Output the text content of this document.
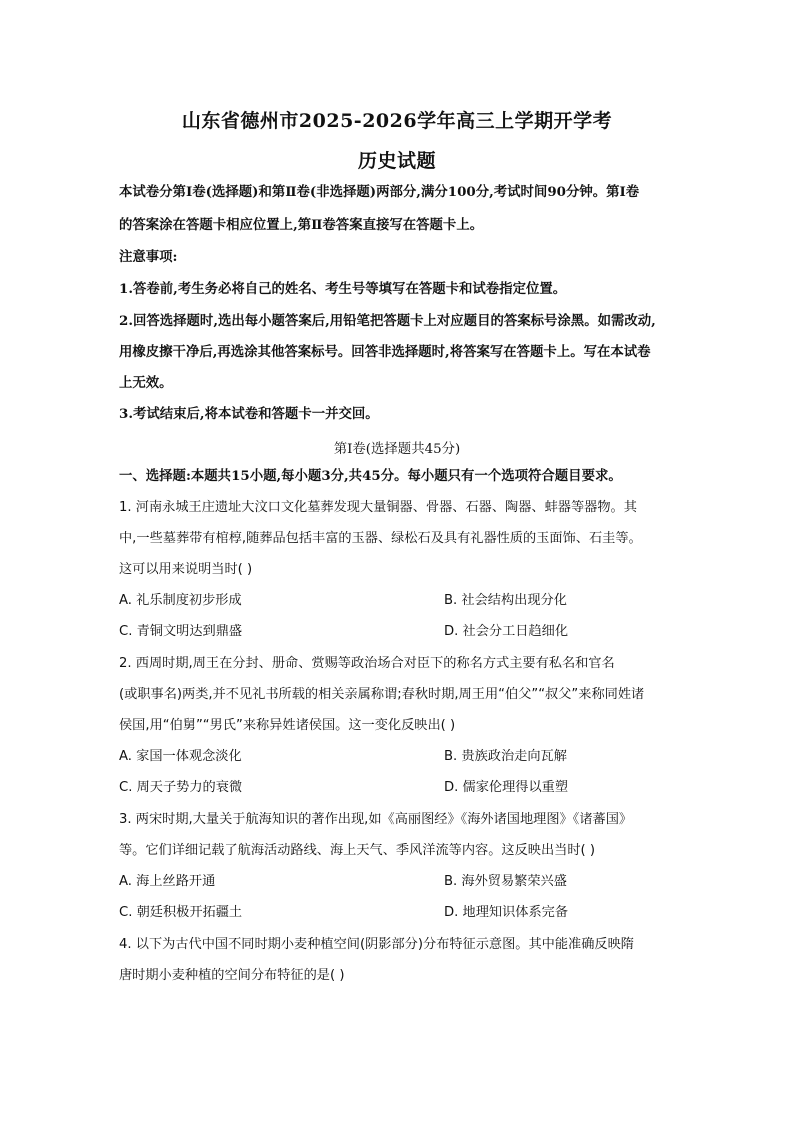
山东省德州市2025-2026学年高三上学期开学考
历史试题
本试卷分第Ⅰ卷(选择题)和第Ⅱ卷(非选择题)两部分,满分100分,考试时间90分钟。第Ⅰ卷
的答案涂在答题卡相应位置上,第Ⅱ卷答案直接写在答题卡上。
注意事项:
1.答卷前,考生务必将自己的姓名、考生号等填写在答题卡和试卷指定位置。
2.回答选择题时,选出每小题答案后,用铅笔把答题卡上对应题目的答案标号涂黑。如需改动,
用橡皮擦干净后,再选涂其他答案标号。回答非选择题时,将答案写在答题卡上。写在本试卷
上无效。
3.考试结束后,将本试卷和答题卡一并交回。
第Ⅰ卷(选择题共45分)
一、选择题:本题共15小题,每小题3分,共45分。每小题只有一个选项符合题目要求。
1. 河南永城王庄遗址大汶口文化墓葬发现大量铜器、骨器、石器、陶器、蚌器等器物。其
中,一些墓葬带有棺椁,随葬品包括丰富的玉器、绿松石及具有礼器性质的玉面饰、石圭等。
这可以用来说明当时( )
A. 礼乐制度初步形成	B. 社会结构出现分化
C. 青铜文明达到鼎盛	D. 社会分工日趋细化
2. 西周时期,周王在分封、册命、赏赐等政治场合对臣下的称名方式主要有私名和官名
(或职事名)两类,并不见礼书所载的相关亲属称谓;春秋时期,周王用“伯父”“叔父”来称同姓诸
侯国,用“伯舅”“男氏”来称异姓诸侯国。这一变化反映出( )
A. 家国一体观念淡化	B. 贵族政治走向瓦解
C. 周天子势力的衰微	D. 儒家伦理得以重塑
3. 两宋时期,大量关于航海知识的著作出现,如《高丽图经》《海外诸国地理图》《诸蕃国》
等。它们详细记载了航海活动路线、海上天气、季风洋流等内容。这反映出当时( )
A. 海上丝路开通	B. 海外贸易繁荣兴盛
C. 朝廷积极开拓疆土	D. 地理知识体系完备
4. 以下为古代中国不同时期小麦种植空间(阴影部分)分布特征示意图。其中能准确反映隋
唐时期小麦种植的空间分布特征的是( )
